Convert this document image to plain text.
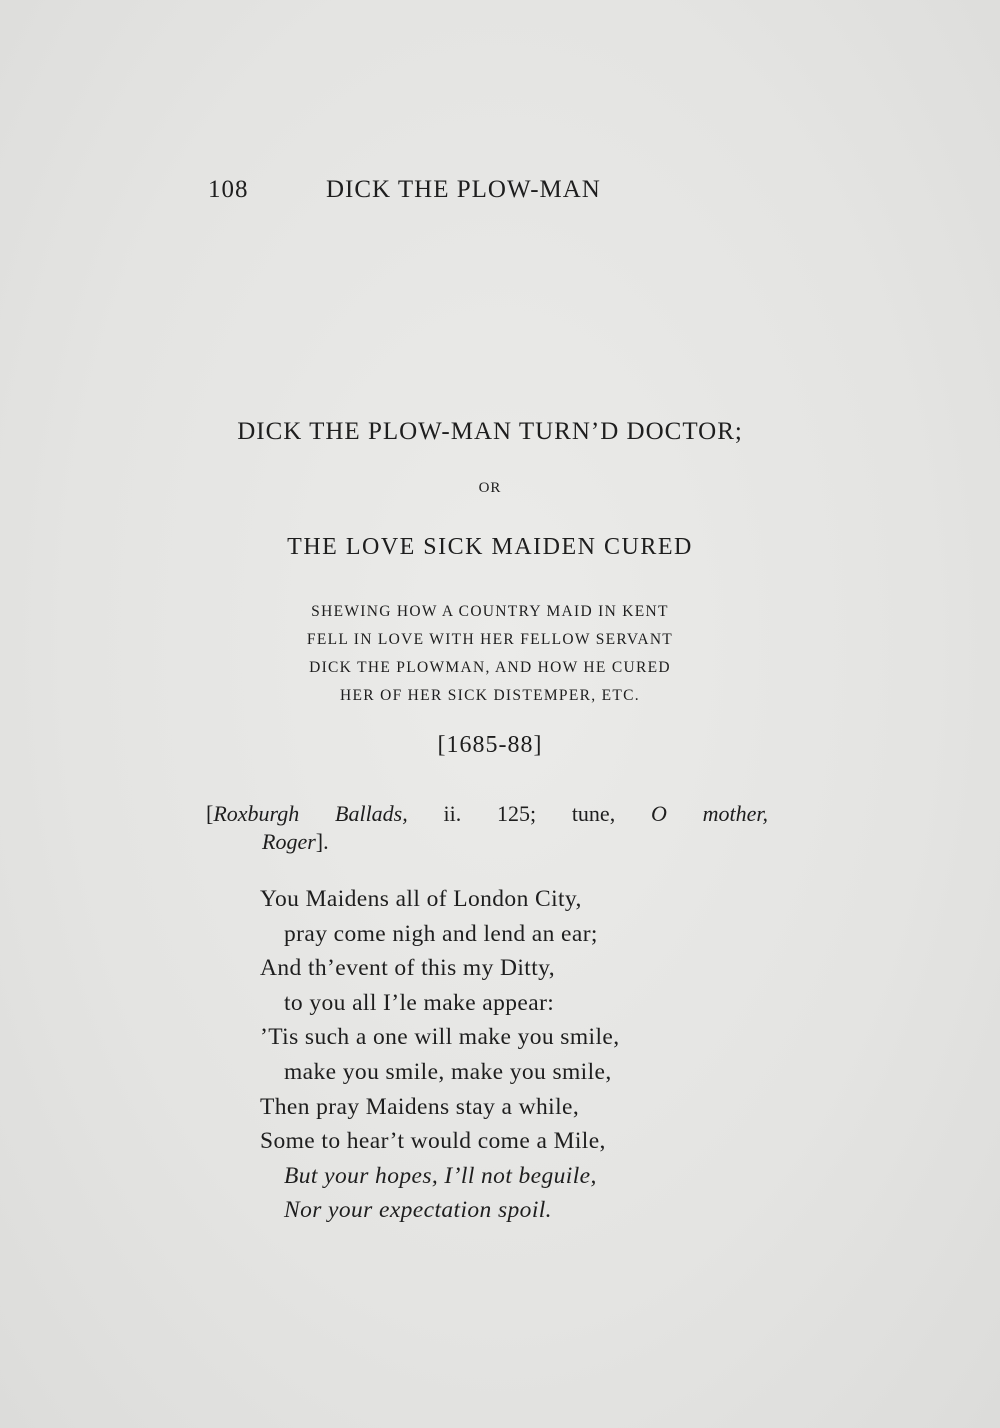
108	DICK THE PLOW-MAN
DICK THE PLOW-MAN TURN’D DOCTOR;
OR
THE LOVE SICK MAIDEN CURED
SHEWING HOW A COUNTRY MAID IN KENT
FELL IN LOVE WITH HER FELLOW SERVANT
DICK THE PLOWMAN, AND HOW HE CURED
HER OF HER SICK DISTEMPER, ETC.
[1685-88]
[Roxburgh Ballads, ii. 125; tune, O mother,
Roger].
You Maidens all of London City,
pray come nigh and lend an ear;
And th’event of this my Ditty,
to you all I’le make appear:
’Tis such a one will make you smile,
make you smile, make you smile,
Then pray Maidens stay a while,
Some to hear’t would come a Mile,
But your hopes, I’ll not beguile,
Nor your expectation spoil.
